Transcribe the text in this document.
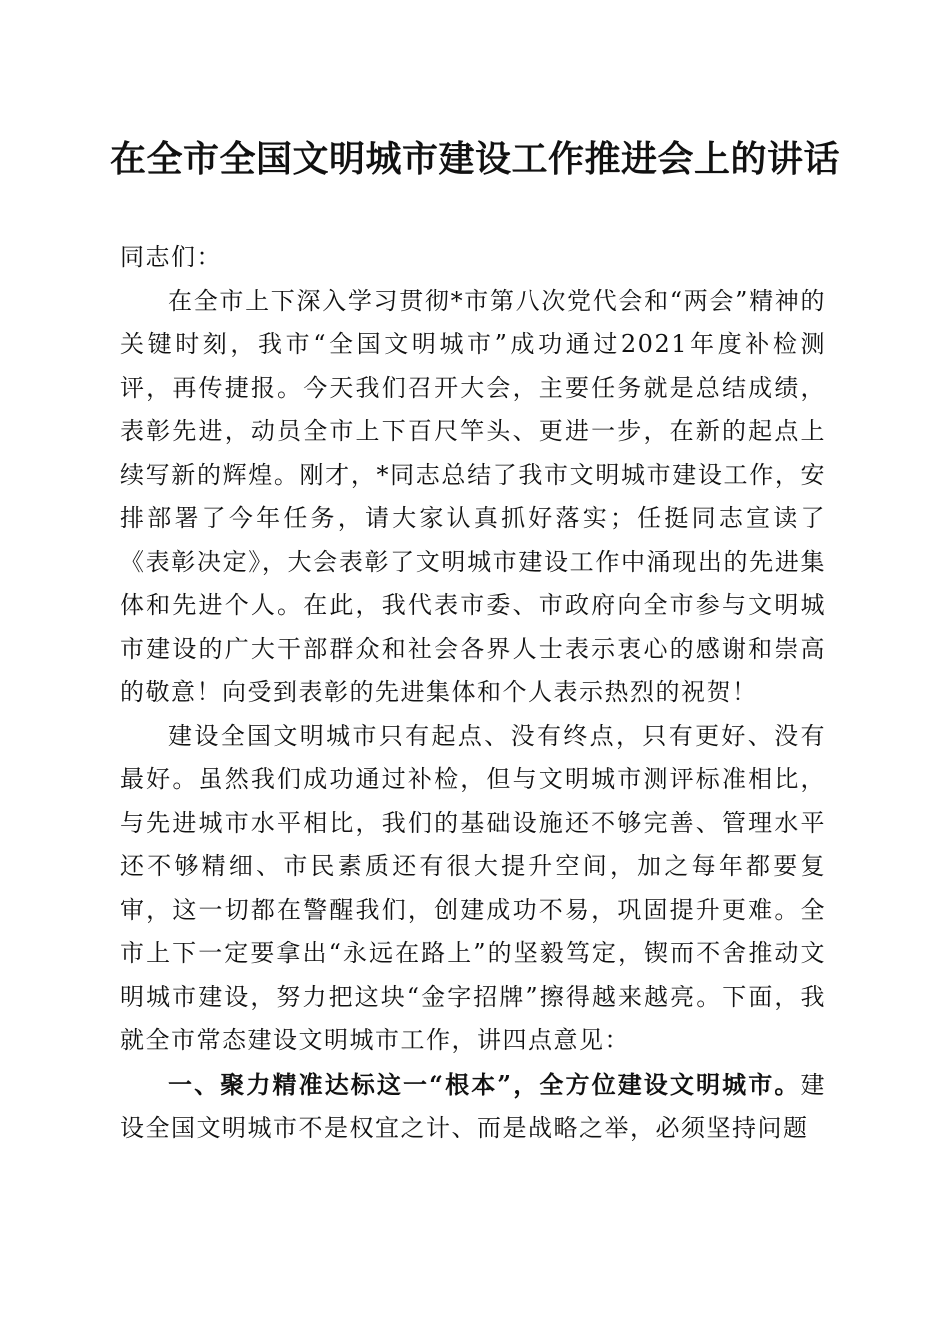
在全市全国文明城市建设工作推进会上的讲话

同志们：

在全市上下深入学习贯彻*市第八次党代会和“两会”精神的关键时刻，我市“全国文明城市”成功通过2021年度补检测评，再传捷报。今天我们召开大会，主要任务就是总结成绩，表彰先进，动员全市上下百尺竿头、更进一步，在新的起点上续写新的辉煌。刚才，*同志总结了我市文明城市建设工作，安排部署了今年任务，请大家认真抓好落实；任挺同志宣读了《表彰决定》，大会表彰了文明城市建设工作中涌现出的先进集体和先进个人。在此，我代表市委、市政府向全市参与文明城市建设的广大干部群众和社会各界人士表示衷心的感谢和崇高的敬意！向受到表彰的先进集体和个人表示热烈的祝贺！

建设全国文明城市只有起点、没有终点，只有更好、没有最好。虽然我们成功通过补检，但与文明城市测评标准相比，与先进城市水平相比，我们的基础设施还不够完善、管理水平还不够精细、市民素质还有很大提升空间，加之每年都要复审，这一切都在警醒我们，创建成功不易，巩固提升更难。全市上下一定要拿出“永远在路上”的坚毅笃定，锲而不舍推动文明城市建设，努力把这块“金字招牌”擦得越来越亮。下面，我就全市常态建设文明城市工作，讲四点意见：

一、聚力精准达标这一“根本”，全方位建设文明城市。建设全国文明城市不是权宜之计、而是战略之举，必须坚持问题
